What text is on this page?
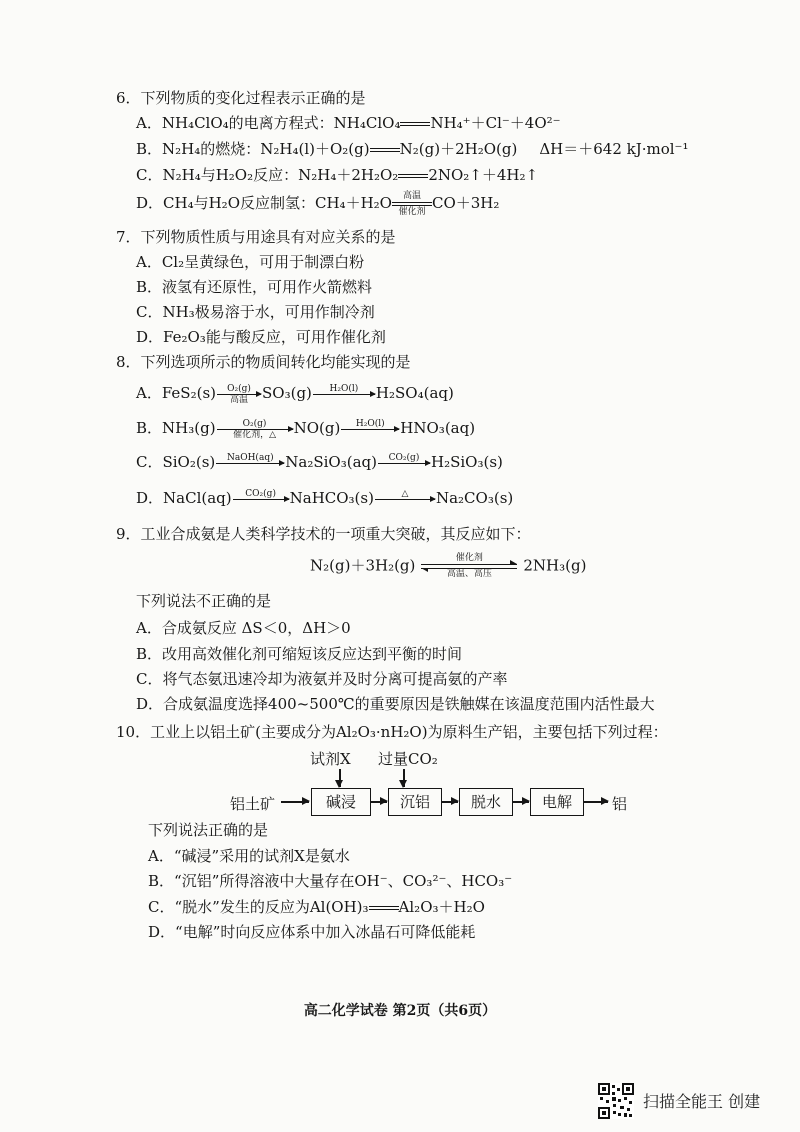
6．下列物质的变化过程表示正确的是
A．NH₄ClO₄的电离方程式：NH₄ClO₄ NH₄⁺＋Cl⁻＋4O²⁻
B．N₂H₄的燃烧：N₂H₄(l)＋O₂(g) N₂(g)＋2H₂O(g) ΔH＝＋642 kJ·mol⁻¹
C．N₂H₄与H₂O₂反应：N₂H₄＋2H₂O₂ 2NO₂↑＋4H₂↑
D．CH₄与H₂O反应制氢：CH₄＋H₂O	高温
催化剂 CO＋3H₂
7．下列物质性质与用途具有对应关系的是
A．Cl₂呈黄绿色，可用于制漂白粉
B．液氢有还原性，可用作火箭燃料
C．NH₃极易溶于水，可用作制冷剂
D．Fe₂O₃能与酸反应，可用作催化剂
8．下列选项所示的物质间转化均能实现的是
A．FeS₂(s)	O₂(g)
高温 SO₃(g)	H₂O(l)	H₂SO₄(aq)
B．NH₃(g)	O₂(g)
催化剂，△	NO(g)	H₂O(l)	HNO₃(aq)
C．SiO₂(s)	NaOH(aq) Na₂SiO₃(aq)	CO₂(g) H₂SiO₃(s)
D．NaCl(aq)	CO₂(g) NaHCO₃(s)	△	Na₂CO₃(s)
9．工业合成氨是人类科学技术的一项重大突破，其反应如下：
N₂(g)＋3H₂(g)	催化剂
高温、高压	2NH₃(g)
下列说法不正确的是
A．合成氨反应 ΔS＜0，ΔH＞0
B．改用高效催化剂可缩短该反应达到平衡的时间
C．将气态氨迅速冷却为液氨并及时分离可提高氨的产率
D．合成氨温度选择400~500℃的重要原因是铁触媒在该温度范围内活性最大
10．工业上以铝土矿(主要成分为Al₂O₃·nH₂O)为原料生产铝，主要包括下列过程：
试剂X 过量CO₂
铝土矿	碱浸	沉铝	脱水	电解	铝
下列说法正确的是
A．“碱浸”采用的试剂X是氨水
B．“沉铝”所得溶液中大量存在OH⁻、CO₃²⁻、HCO₃⁻
C．“脱水”发生的反应为Al(OH)₃ Al₂O₃＋H₂O
D．“电解”时向反应体系中加入冰晶石可降低能耗
高二化学试卷 第2页（共6页）
扫描全能王 创建
